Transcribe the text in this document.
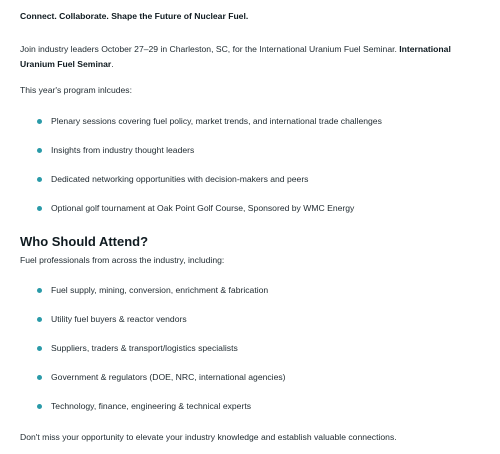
Connect. Collaborate. Shape the Future of Nuclear Fuel.

Join industry leaders October 27–29 in Charleston, SC, for the International Uranium Fuel Seminar. International Uranium Fuel Seminar.

This year's program inlcudes:
Plenary sessions covering fuel policy, market trends, and international trade challenges
Insights from industry thought leaders
Dedicated networking opportunities with decision-makers and peers
Optional golf tournament at Oak Point Golf Course, Sponsored by WMC Energy
Who Should Attend?
Fuel professionals from across the industry, including:
Fuel supply, mining, conversion, enrichment & fabrication
Utility fuel buyers & reactor vendors
Suppliers, traders & transport/logistics specialists
Government & regulators (DOE, NRC, international agencies)
Technology, finance, engineering & technical experts
Don't miss your opportunity to elevate your industry knowledge and establish valuable connections.
